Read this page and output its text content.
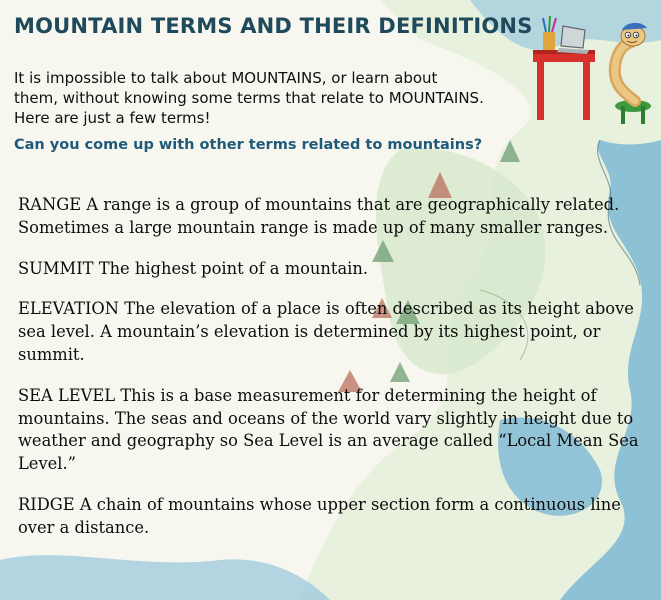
MOUNTAIN TERMS AND THEIR DEFINITIONS

It is impossible to talk about MOUNTAINS, or learn about

them, without knowing some terms that relate to MOUNTAINS.

Here are just a few terms!

Can you come up with other terms related to mountains?

RANGE A range is a group of mountains that are geographically related. Sometimes a large mountain range is made up of many smaller ranges.

SUMMIT The highest point of a mountain.

ELEVATION The elevation of a place is often described as its height above sea level. A mountain’s elevation is determined by its highest point, or summit.

SEA LEVEL This is a base measurement for determining the height of mountains. The seas and oceans of the world vary slightly in height due to weather and geography so Sea Level is an average called “Local Mean Sea Level.”

RIDGE A chain of mountains whose upper section form a continuous line over a distance.
